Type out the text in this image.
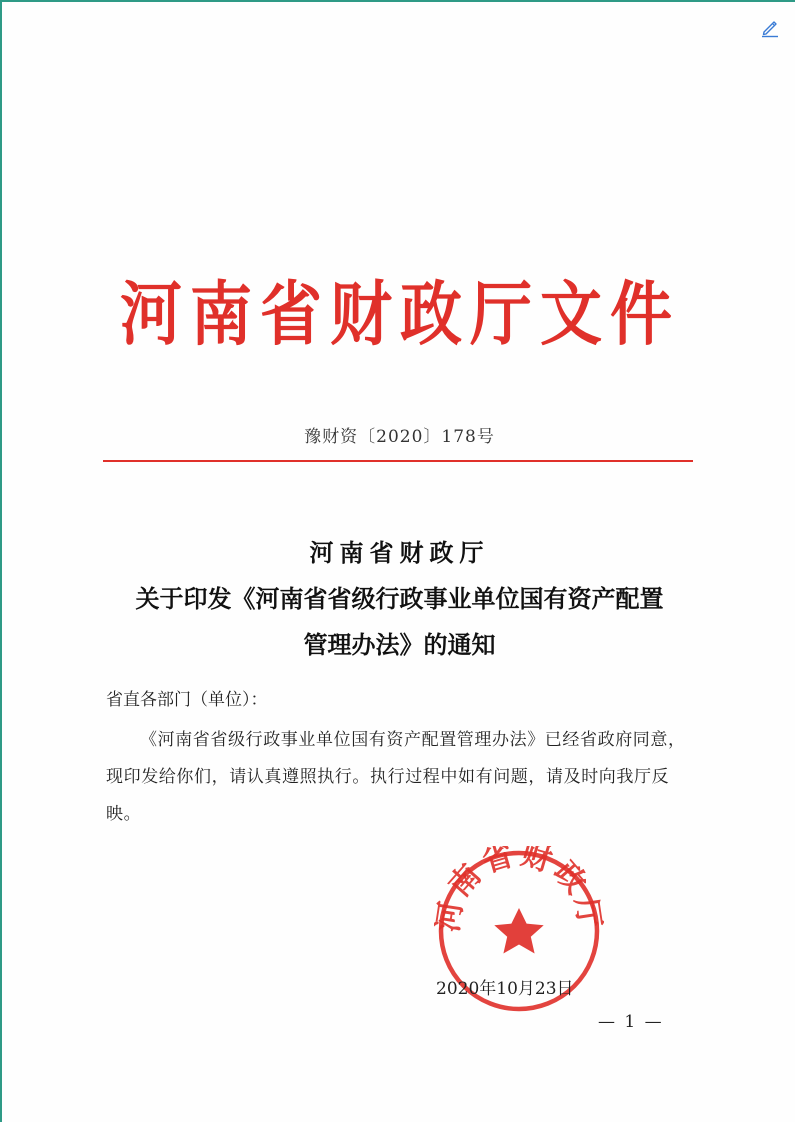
河南省财政厅文件
豫财资〔2020〕178号
河南省财政厅
关于印发《河南省省级行政事业单位国有资产配置
管理办法》的通知
省直各部门（单位）：
《河南省省级行政事业单位国有资产配置管理办法》已经省政府同意，现印发给你们，请认真遵照执行。执行过程中如有问题，请及时向我厅反映。
河南省财政厅
2020年10月23日
— 1 —
